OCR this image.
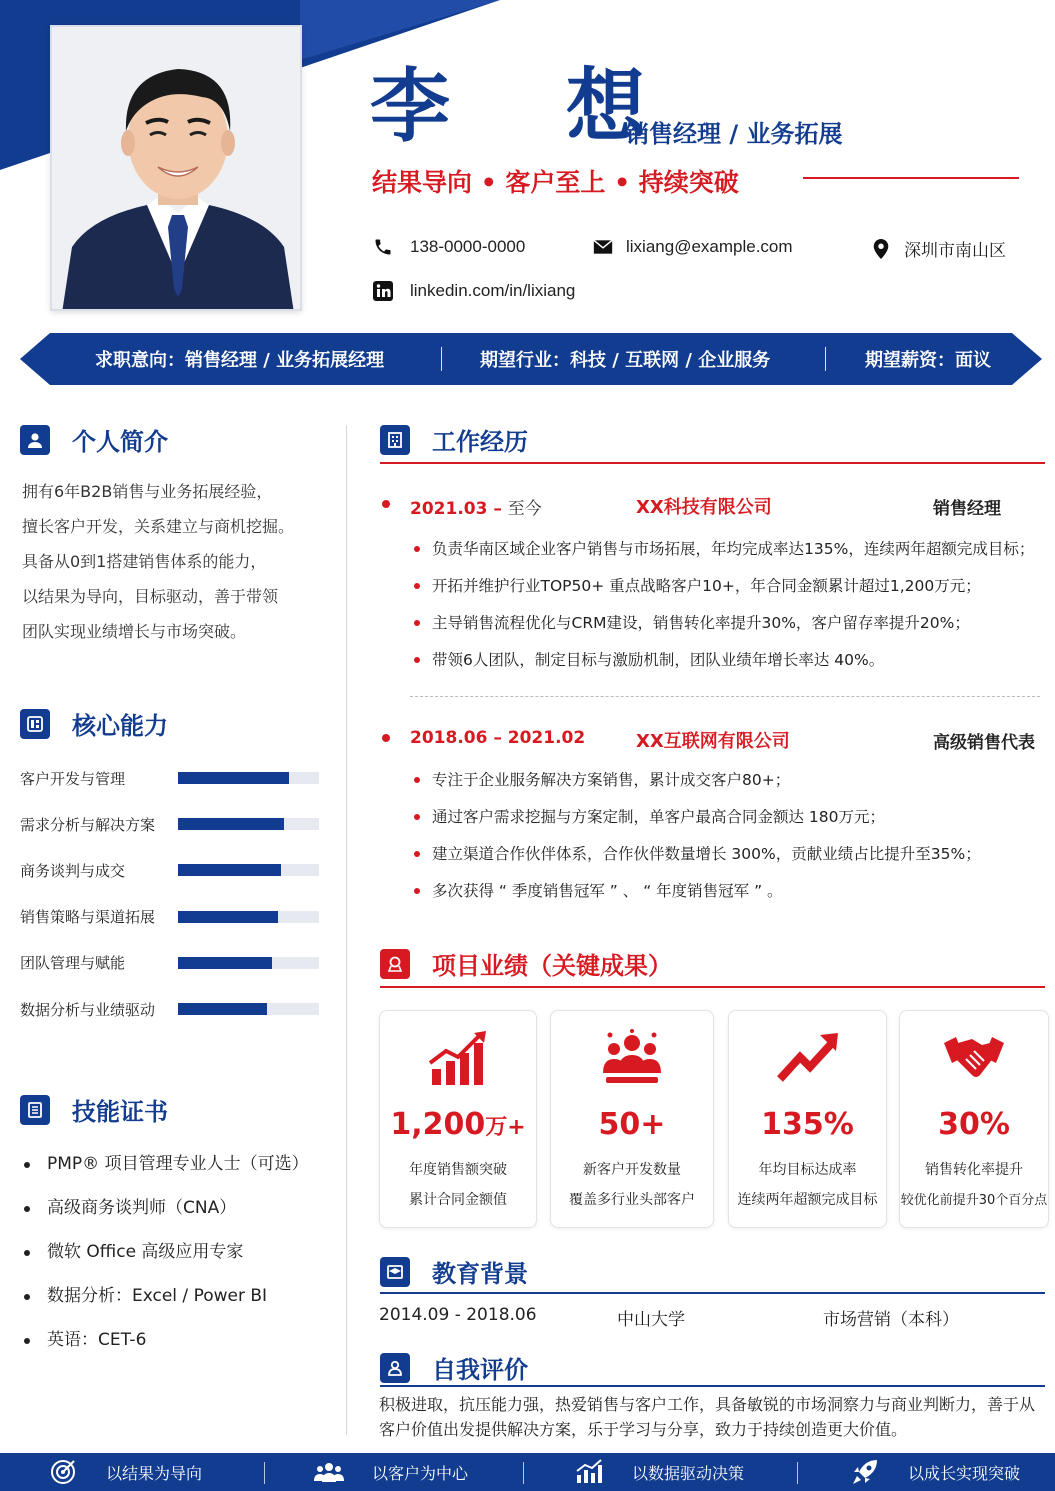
李 想
销售经理 / 业务拓展
结果导向 • 客户至上 • 持续突破
138-0000-0000	lixiang@example.com	深圳市南山区
linkedin.com/in/lixiang
求职意向：销售经理 / 业务拓展经理	期望行业：科技 / 互联网 / 企业服务	期望薪资：面议
个人简介
拥有6年B2B销售与业务拓展经验，
擅长客户开发，关系建立与商机挖掘。
具备从0到1搭建销售体系的能力，
以结果为导向，目标驱动，善于带领
团队实现业绩增长与市场突破。
核心能力
客户开发与管理
需求分析与解决方案
商务谈判与成交
销售策略与渠道拓展
团队管理与赋能
数据分析与业绩驱动
技能证书
PMP® 项目管理专业人士（可选）
高级商务谈判师（CNA）
微软 Office 高级应用专家
数据分析：Excel / Power BI
英语：CET-6
工作经历
2021.03 – 至今	XX科技有限公司	销售经理
负责华南区域企业客户销售与市场拓展，年均完成率达135%，连续两年超额完成目标；
开拓并维护行业TOP50+ 重点战略客户10+，年合同金额累计超过1,200万元；
主导销售流程优化与CRM建设，销售转化率提升30%，客户留存率提升20%；
带领6人团队，制定目标与激励机制，团队业绩年增长率达 40%。
2018.06 – 2021.02	XX互联网有限公司	高级销售代表
专注于企业服务解决方案销售，累计成交客户80+；
通过客户需求挖掘与方案定制，单客户最高合同金额达 180万元；
建立渠道合作伙伴体系，合作伙伴数量增长 300%，贡献业绩占比提升至35%；
多次获得 “ 季度销售冠军 ” 、 “ 年度销售冠军 ” 。
项目业绩（关键成果）
1,200万+
年度销售额突破
累计合同金额值
50+
新客户开发数量
覆盖多行业头部客户
135%
年均目标达成率
连续两年超额完成目标
30%
销售转化率提升
较优化前提升30个百分点
教育背景
2014.09 - 2018.06	中山大学	市场营销（本科）
自我评价
积极进取，抗压能力强，热爱销售与客户工作，具备敏锐的市场洞察力与商业判断力，善于从客户价值出发提供解决方案，乐于学习与分享，致力于持续创造更大价值。
以结果为导向	以客户为中心	以数据驱动决策	以成长实现突破
